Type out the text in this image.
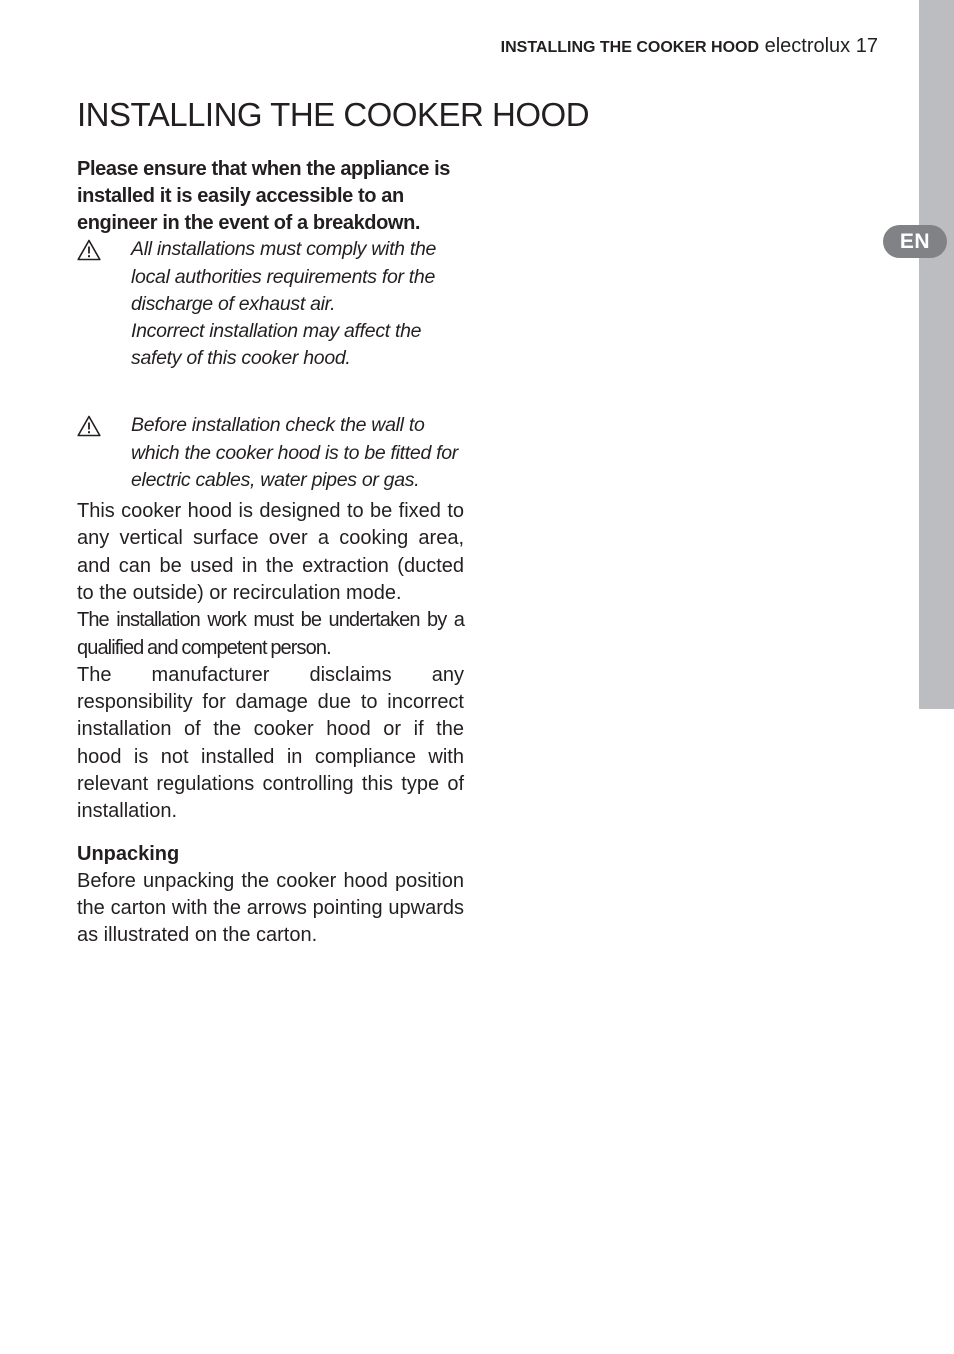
EN
INSTALLING THE COOKER HOOD electrolux 17
INSTALLING THE COOKER HOOD

Please ensure that when the appliance is installed it is easily accessible to an engineer in the event of a breakdown.

All installations must comply with the local authorities requirements for the discharge of exhaust air.

Incorrect installation may affect the safety of this cooker hood.

Before installation check the wall to which the cooker hood is to be fitted for electric cables, water pipes or gas.

This cooker hood is designed to be fixed to any vertical surface over a cooking area, and can be used in the extraction (ducted to the outside) or recirculation mode.

The installation work must be undertaken by a qualified and competent person.

The manufacturer disclaims any responsibility for damage due to incorrect installation of the cooker hood or if the hood is not installed in compliance with relevant regulations controlling this type of installation.

Unpacking

Before unpacking the cooker hood position the carton with the arrows pointing upwards as illustrated on the carton.
